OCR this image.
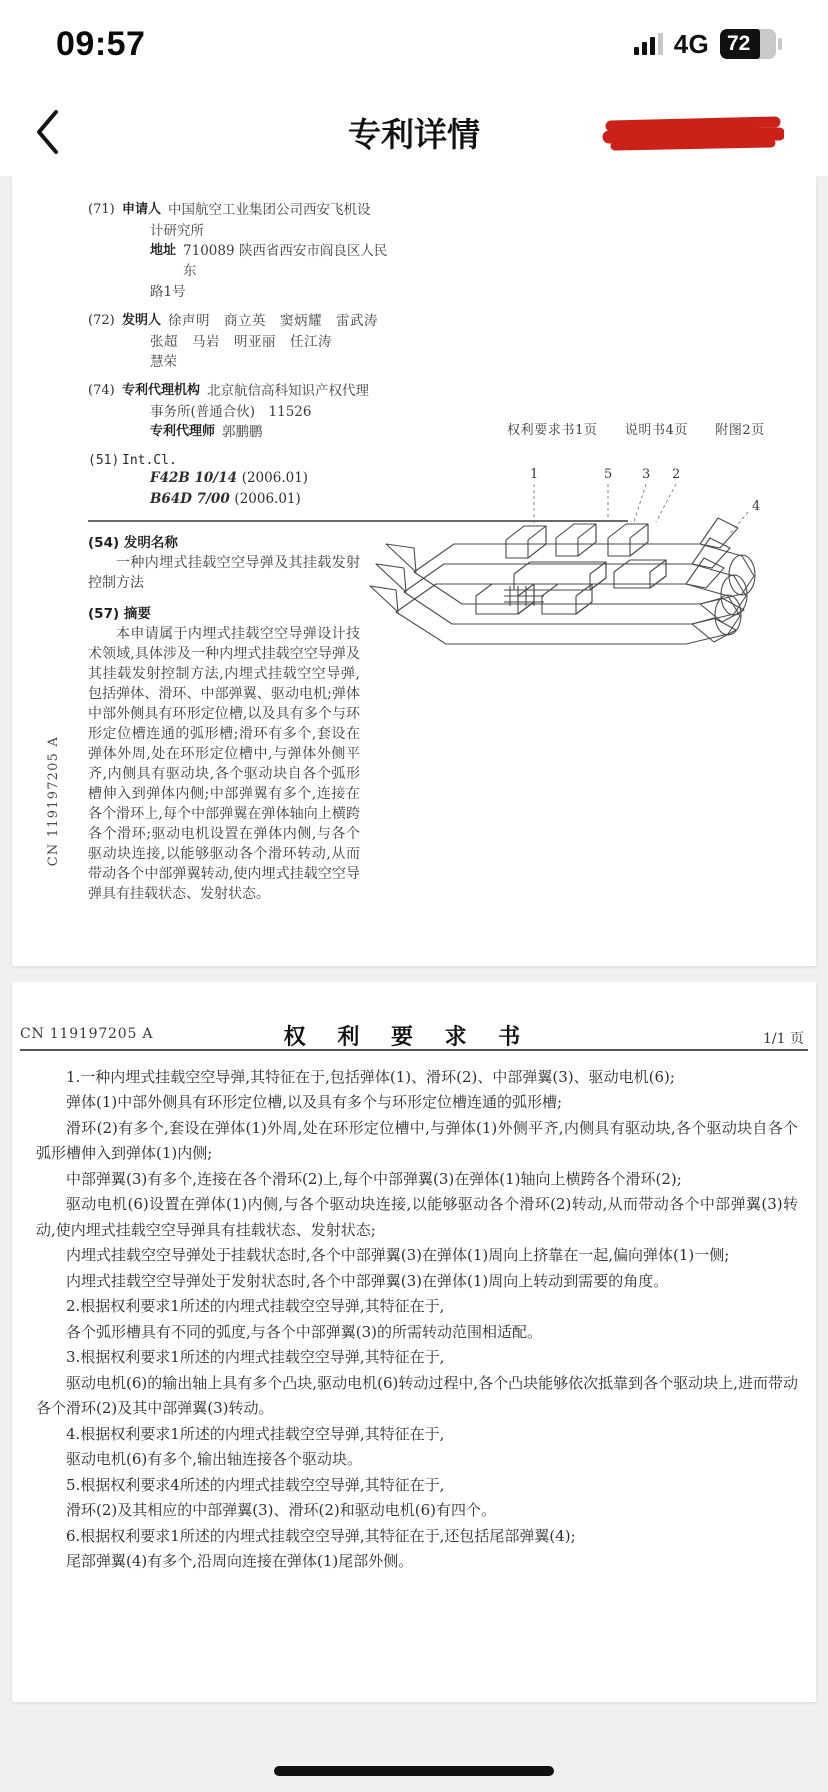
09:57	4G 72
专利详情
CN 119197205 A
(71) 申请人 中国航空工业集团公司西安飞机设
计研究所
地址 710089 陕西省西安市阎良区人民东
路1号
(72) 发明人 徐声明　商立英　窦炳耀　雷武涛
张超　马岩　明亚丽　任江涛
慧荣
(74) 专利代理机构 北京航信高科知识产权代理
事务所(普通合伙)　11526
专利代理师 郭鹏鹏
(51) Int.Cl.
F42B 10/14 (2006.01)
B64D 7/00 (2006.01)
权利要求书1页　　说明书4页　　附图2页
(54) 发明名称
一种内埋式挂载空空导弹及其挂载发射控制方法
(57) 摘要
本申请属于内埋式挂载空空导弹设计技术领域,具体涉及一种内埋式挂载空空导弹及其挂载发射控制方法,内埋式挂载空空导弹,包括弹体、滑环、中部弹翼、驱动电机;弹体中部外侧具有环形定位槽,以及具有多个与环形定位槽连通的弧形槽;滑环有多个,套设在弹体外周,处在环形定位槽中,与弹体外侧平齐,内侧具有驱动块,各个驱动块自各个弧形槽伸入到弹体内侧;中部弹翼有多个,连接在各个滑环上,每个中部弹翼在弹体轴向上横跨各个滑环;驱动电机设置在弹体内侧,与各个驱动块连接,以能够驱动各个滑环转动,从而带动各个中部弹翼转动,使内埋式挂载空空导弹具有挂载状态、发射状态。
1	5 3 2
4
CN 119197205 A	权 利 要 求 书	1/1 页

1.一种内埋式挂载空空导弹,其特征在于,包括弹体(1)、滑环(2)、中部弹翼(3)、驱动电机(6);

弹体(1)中部外侧具有环形定位槽,以及具有多个与环形定位槽连通的弧形槽;

滑环(2)有多个,套设在弹体(1)外周,处在环形定位槽中,与弹体(1)外侧平齐,内侧具有驱动块,各个驱动块自各个弧形槽伸入到弹体(1)内侧;

中部弹翼(3)有多个,连接在各个滑环(2)上,每个中部弹翼(3)在弹体(1)轴向上横跨各个滑环(2);

驱动电机(6)设置在弹体(1)内侧,与各个驱动块连接,以能够驱动各个滑环(2)转动,从而带动各个中部弹翼(3)转动,使内埋式挂载空空导弹具有挂载状态、发射状态;

内埋式挂载空空导弹处于挂载状态时,各个中部弹翼(3)在弹体(1)周向上挤靠在一起,偏向弹体(1)一侧;

内埋式挂载空空导弹处于发射状态时,各个中部弹翼(3)在弹体(1)周向上转动到需要的角度。

2.根据权利要求1所述的内埋式挂载空空导弹,其特征在于,

各个弧形槽具有不同的弧度,与各个中部弹翼(3)的所需转动范围相适配。

3.根据权利要求1所述的内埋式挂载空空导弹,其特征在于,

驱动电机(6)的输出轴上具有多个凸块,驱动电机(6)转动过程中,各个凸块能够依次抵靠到各个驱动块上,进而带动各个滑环(2)及其中部弹翼(3)转动。

4.根据权利要求1所述的内埋式挂载空空导弹,其特征在于,

驱动电机(6)有多个,输出轴连接各个驱动块。

5.根据权利要求4所述的内埋式挂载空空导弹,其特征在于,

滑环(2)及其相应的中部弹翼(3)、滑环(2)和驱动电机(6)有四个。

6.根据权利要求1所述的内埋式挂载空空导弹,其特征在于,还包括尾部弹翼(4);

尾部弹翼(4)有多个,沿周向连接在弹体(1)尾部外侧。
